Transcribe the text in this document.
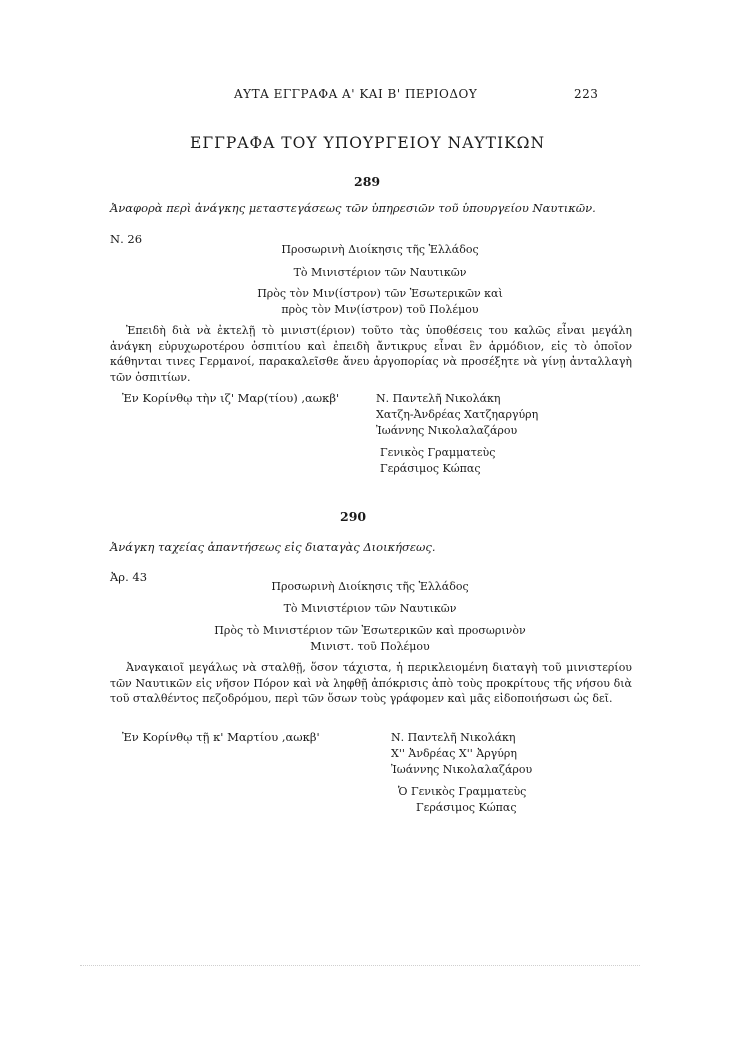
ΑΥΤΑ ΕΓΓΡΑΦΑ Α' ΚΑΙ Β' ΠΕΡΙΟΔΟΥ	223
ΕΓΓΡΑΦΑ ΤΟΥ ΥΠΟΥΡΓΕΙΟΥ ΝΑΥΤΙΚΩΝ
289
Ἀναφορὰ περὶ ἀνάγκης μεταστεγάσεως τῶν ὑπηρεσιῶν τοῦ ὑπουργείου Ναυτικῶν.
Ν. 26
Προσωρινὴ Διοίκησις τῆς Ἑλλάδος
Τὸ Μινιστέριον τῶν Ναυτικῶν
Πρὸς τὸν Μιν(ίστρον) τῶν Ἐσωτερικῶν καὶ
πρὸς τὸν Μιν(ίστρον) τοῦ Πολέμου

Ἐπειδὴ διὰ νὰ ἐκτελῇ τὸ μινιστ(έριον) τοῦτο τὰς ὑποθέσεις του καλῶς εἶναι μεγάλη ἀνάγκη εὐρυχωροτέρου ὀσπιτίου καὶ ἐπειδὴ ἄντικρυς εἶναι ἓν ἁρμόδιον, εἰς τὸ ὁποῖον κάθηνται τινες Γερμανοί, παρακαλεῖσθε ἄνευ ἀργοπορίας νὰ προσέξητε νὰ γίνῃ ἀνταλλαγὴ τῶν ὀσπιτίων.

Ἐν Κορίνθῳ τὴν ιζ' Μαρ(τίου) ,αωκβ'	Ν. Παντελῆ Νικολάκη
Χατζη-Ἀνδρέας Χατζηαργύρη
Ἰωάννης Νικολαλαζάρου
Γενικὸς Γραμματεὺς
Γεράσιμος Κώπας
290
Ἀνάγκη ταχείας ἀπαντήσεως εἰς διαταγὰς Διοικήσεως.
Ἀρ. 43
Προσωρινὴ Διοίκησις τῆς Ἑλλάδος
Τὸ Μινιστέριον τῶν Ναυτικῶν
Πρὸς τὸ Μινιστέριον τῶν Ἐσωτερικῶν καὶ προσωρινὸν
Μινιστ. τοῦ Πολέμου

Ἀναγκαιοῖ μεγάλως νὰ σταλθῇ, ὅσον τάχιστα, ἡ περικλειομένη διαταγὴ τοῦ μινιστερίου τῶν Ναυτικῶν εἰς νῆσον Πόρον καὶ νὰ ληφθῇ ἀπόκρισις ἀπὸ τοὺς προκρίτους τῆς νήσου διὰ τοῦ σταλθέντος πεζοδρόμου, περὶ τῶν ὅσων τοὺς γράφομεν καὶ μᾶς εἰδοποιήσωσι ὡς δεῖ.

Ἐν Κορίνθῳ τῇ κ' Μαρτίου ,αωκβ'	Ν. Παντελῆ Νικολάκη
Χ'' Ἀνδρέας Χ'' Ἀργύρη
Ἰωάννης Νικολαλαζάρου
Ὁ Γενικὸς Γραμματεὺς
Γεράσιμος Κώπας
